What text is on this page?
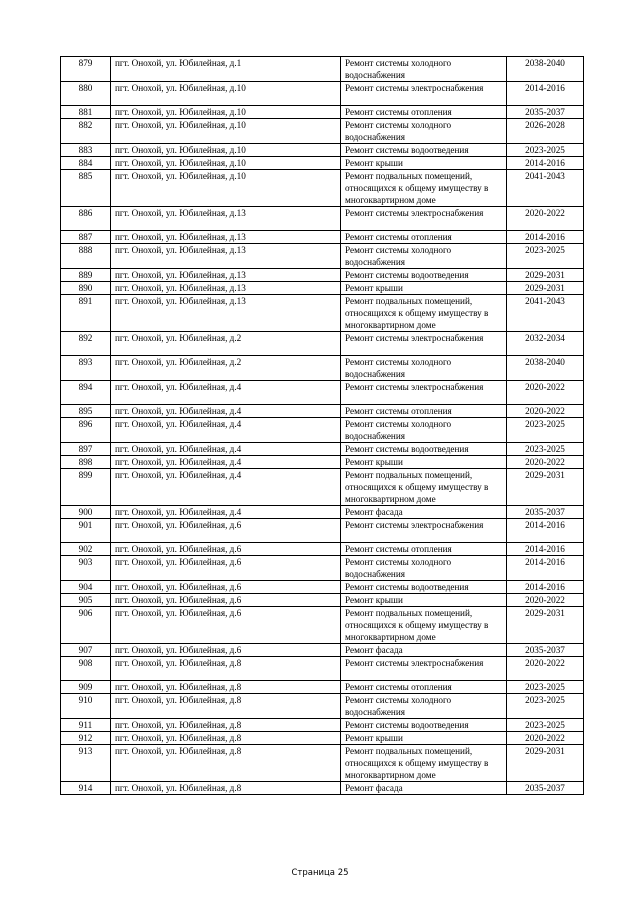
879	пгт. Онохой, ул. Юбилейная, д.1	Ремонт системы холодного водоснабжения	2038-2040
880	пгт. Онохой, ул. Юбилейная, д.10	Ремонт системы электроснабжения	2014-2016
881	пгт. Онохой, ул. Юбилейная, д.10	Ремонт системы отопления	2035-2037
882	пгт. Онохой, ул. Юбилейная, д.10	Ремонт системы холодного водоснабжения	2026-2028
883	пгт. Онохой, ул. Юбилейная, д.10	Ремонт системы водоотведения	2023-2025
884	пгт. Онохой, ул. Юбилейная, д.10	Ремонт крыши	2014-2016
885	пгт. Онохой, ул. Юбилейная, д.10	Ремонт подвальных помещений, относящихся к общему имуществу в многоквартирном доме	2041-2043
886	пгт. Онохой, ул. Юбилейная, д.13	Ремонт системы электроснабжения	2020-2022
887	пгт. Онохой, ул. Юбилейная, д.13	Ремонт системы отопления	2014-2016
888	пгт. Онохой, ул. Юбилейная, д.13	Ремонт системы холодного водоснабжения	2023-2025
889	пгт. Онохой, ул. Юбилейная, д.13	Ремонт системы водоотведения	2029-2031
890	пгт. Онохой, ул. Юбилейная, д.13	Ремонт крыши	2029-2031
891	пгт. Онохой, ул. Юбилейная, д.13	Ремонт подвальных помещений, относящихся к общему имуществу в многоквартирном доме	2041-2043
892	пгт. Онохой, ул. Юбилейная, д.2	Ремонт системы электроснабжения	2032-2034
893	пгт. Онохой, ул. Юбилейная, д.2	Ремонт системы холодного водоснабжения	2038-2040
894	пгт. Онохой, ул. Юбилейная, д.4	Ремонт системы электроснабжения	2020-2022
895	пгт. Онохой, ул. Юбилейная, д.4	Ремонт системы отопления	2020-2022
896	пгт. Онохой, ул. Юбилейная, д.4	Ремонт системы холодного водоснабжения	2023-2025
897	пгт. Онохой, ул. Юбилейная, д.4	Ремонт системы водоотведения	2023-2025
898	пгт. Онохой, ул. Юбилейная, д.4	Ремонт крыши	2020-2022
899	пгт. Онохой, ул. Юбилейная, д.4	Ремонт подвальных помещений, относящихся к общему имуществу в многоквартирном доме	2029-2031
900	пгт. Онохой, ул. Юбилейная, д.4	Ремонт фасада	2035-2037
901	пгт. Онохой, ул. Юбилейная, д.6	Ремонт системы электроснабжения	2014-2016
902	пгт. Онохой, ул. Юбилейная, д.6	Ремонт системы отопления	2014-2016
903	пгт. Онохой, ул. Юбилейная, д.6	Ремонт системы холодного водоснабжения	2014-2016
904	пгт. Онохой, ул. Юбилейная, д.6	Ремонт системы водоотведения	2014-2016
905	пгт. Онохой, ул. Юбилейная, д.6	Ремонт крыши	2020-2022
906	пгт. Онохой, ул. Юбилейная, д.6	Ремонт подвальных помещений, относящихся к общему имуществу в многоквартирном доме	2029-2031
907	пгт. Онохой, ул. Юбилейная, д.6	Ремонт фасада	2035-2037
908	пгт. Онохой, ул. Юбилейная, д.8	Ремонт системы электроснабжения	2020-2022
909	пгт. Онохой, ул. Юбилейная, д.8	Ремонт системы отопления	2023-2025
910	пгт. Онохой, ул. Юбилейная, д.8	Ремонт системы холодного водоснабжения	2023-2025
911	пгт. Онохой, ул. Юбилейная, д.8	Ремонт системы водоотведения	2023-2025
912	пгт. Онохой, ул. Юбилейная, д.8	Ремонт крыши	2020-2022
913	пгт. Онохой, ул. Юбилейная, д.8	Ремонт подвальных помещений, относящихся к общему имуществу в многоквартирном доме	2029-2031
914	пгт. Онохой, ул. Юбилейная, д.8	Ремонт фасада	2035-2037
Страница 25
